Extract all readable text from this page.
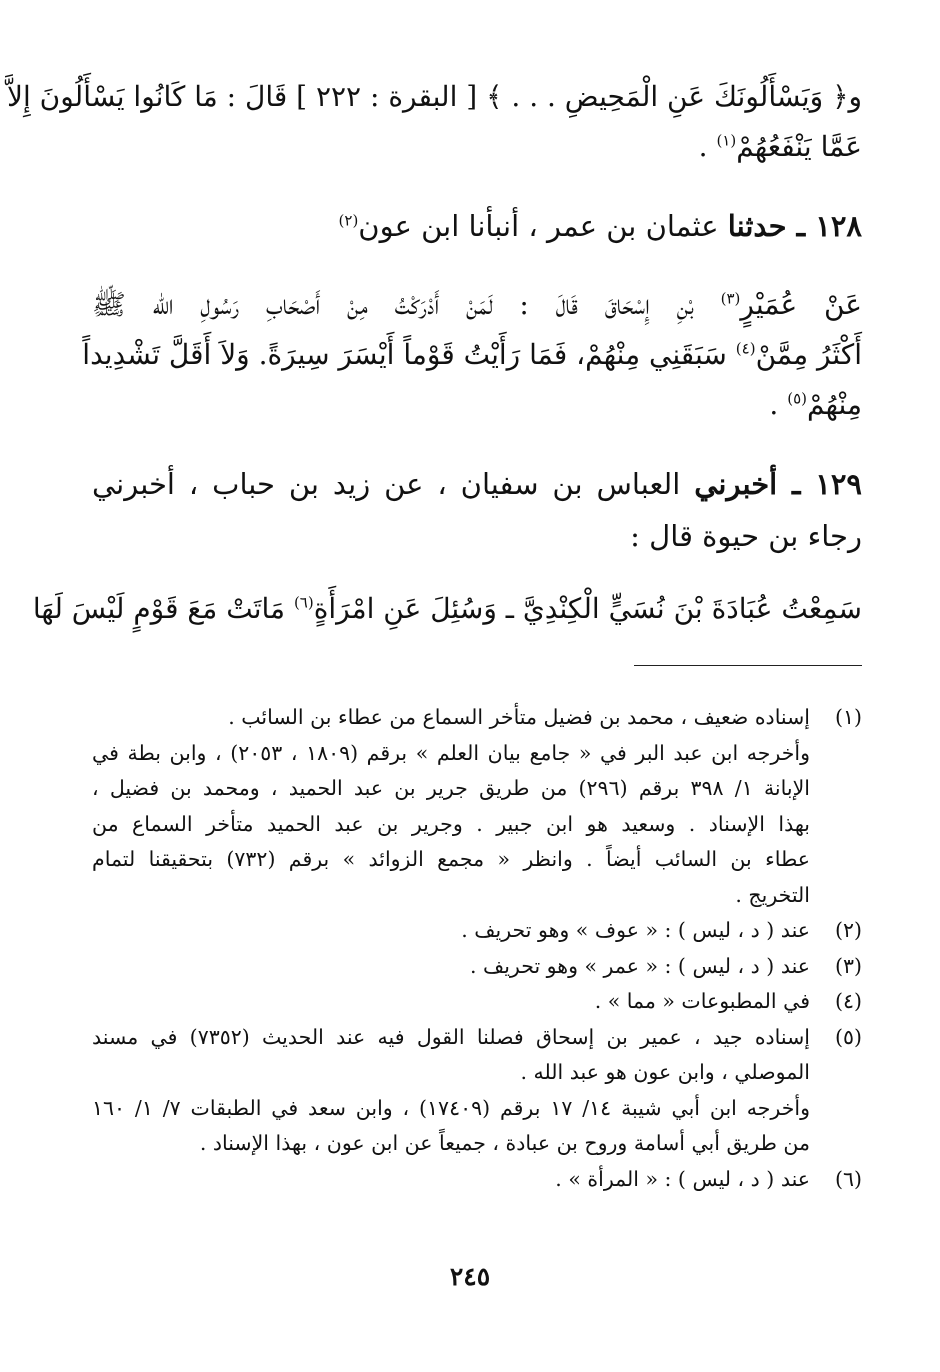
و﴿ وَيَسْأَلُونَكَ عَنِ الْمَحِيضِ . . . ﴾ [ البقرة : ٢٢٢ ] قَالَ : مَا كَانُوا يَسْأَلُونَ إِلاَّ
عَمَّا يَنْفَعُهُمْ$^{(١)}$ .
١٢٨ ـ حدثنا عثمان بن عمر ، أنبأنا ابن عون$^{(٢)}$
عَنْ عُمَيْرٍ$^{(٣)}$ بْنِ إِسْحَاقَ قَالَ : لَمَنْ أَدْرَكْتُ مِنْ أَصْحَابِ رَسُولِ الله ﷺ
أَكْثَرُ مِمَّنْ$^{(٤)}$ سَبَقَنِي مِنْهُمْ، فَمَا رَأَيْتُ قَوْماً أَيْسَرَ سِيرَةً. وَلاَ أَقَلَّ تَشْدِيداً
مِنْهُمْ$^{(٥)}$ .
١٢٩ ـ أخبرني العباس بن سفيان ، عن زيد بن حباب ، أخبرني
رجاء بن حيوة قال :
سَمِعْتُ عُبَادَةَ بْنَ نُسَيٍّ الْكِنْدِيَّ ـ وَسُئِلَ عَنِ امْرَأَةٍ$^{(٦)}$ مَاتَتْ مَعَ قَوْمٍ لَيْسَ لَهَا
(١)
إسناده ضعيف ، محمد بن فضيل متأخر السماع من عطاء بن السائب .
وأخرجه ابن عبد البر في « جامع بيان العلم » برقم (١٨٠٩ ، ٢٠٥٣) ، وابن بطة في
الإبانة ١/ ٣٩٨ برقم (٢٩٦) من طريق جرير بن عبد الحميد ، ومحمد بن فضيل ،
بهذا الإسناد . وسعيد هو ابن جبير . وجرير بن عبد الحميد متأخر السماع من
عطاء بن السائب أيضاً . وانظر « مجمع الزوائد » برقم (٧٣٢) بتحقيقنا لتمام
التخريج .
(٢)
عند ( د ، ليس ) : « عوف » وهو تحريف .
(٣)
عند ( د ، ليس ) : « عمر » وهو تحريف .
(٤)
في المطبوعات « مما » .
(٥)
إسناده جيد ، عمير بن إسحاق فصلنا القول فيه عند الحديث (٧٣٥٢) في مسند
الموصلي ، وابن عون هو عبد الله .
وأخرجه ابن أبي شيبة ١٤/ ١٧ برقم (١٧٤٠٩) ، وابن سعد في الطبقات ٧/ ١/ ١٦٠
من طريق أبي أسامة وروح بن عبادة ، جميعاً عن ابن عون ، بهذا الإسناد .
(٦)
عند ( د ، ليس ) : « المرأة » .
٢٤٥
